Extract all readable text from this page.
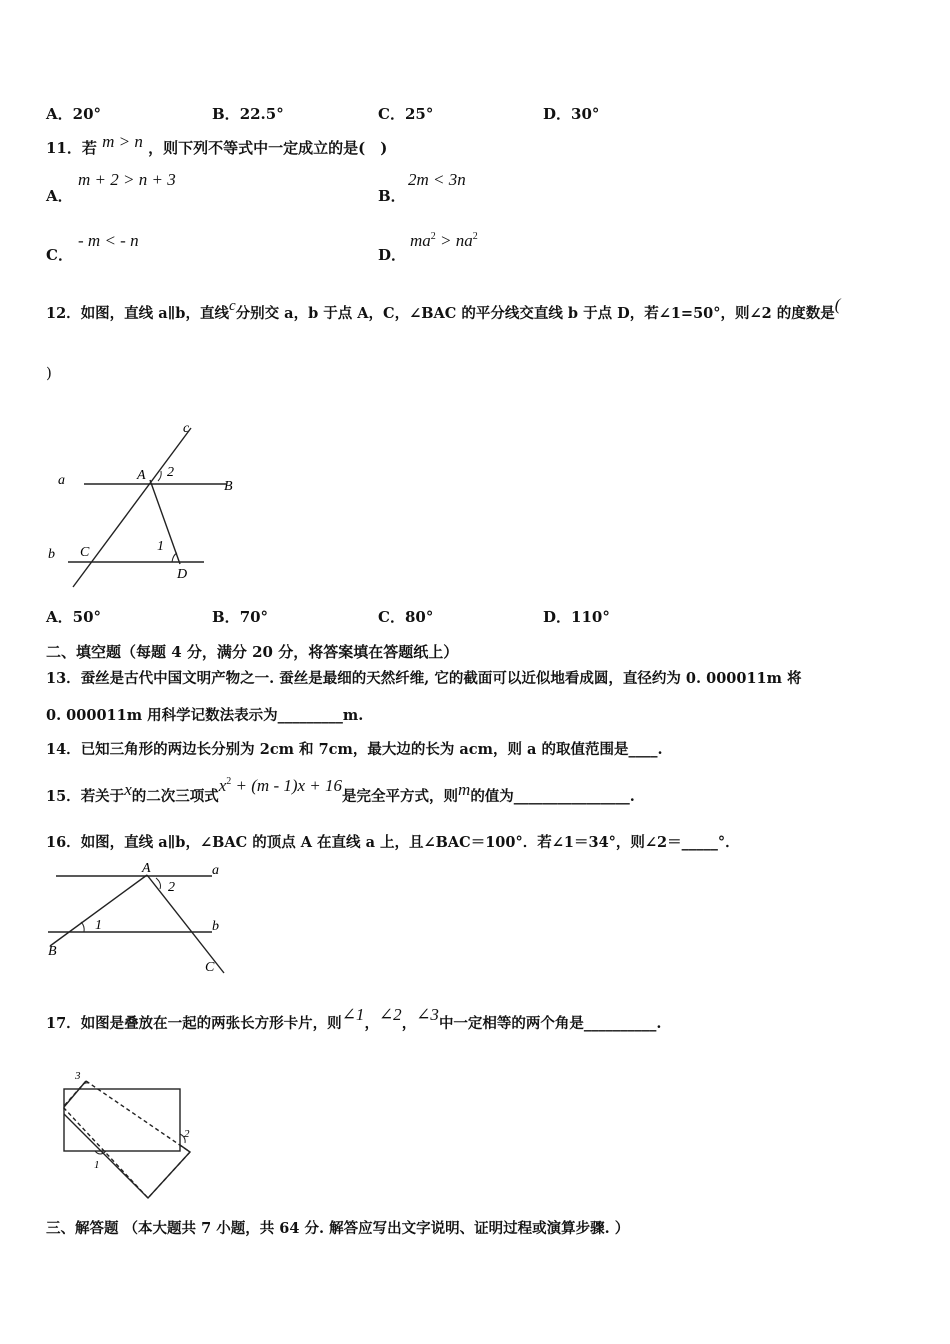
A．20°	B．22.5°	C．25°	D．30°
11．若 m > n ，则下列不等式中一定成立的是(　)
A．
m + 2 > n + 3
B．
2m < 3n
C．
- m < - n
D．
$ma^2 > na^2$
12．如图，直线 a∥b，直线c分别交 a，b 于点 A，C，∠BAC 的平分线交直线 b 于点 D，若∠1=50°，则∠2 的度数是(
)
c
a	A 2
B
b C	1
D
A．50°	B．70°	C．80°	D．110°
二、填空题（每题 4 分，满分 20 分，将答案填在答题纸上）
13．蚕丝是古代中国文明产物之一. 蚕丝是最细的天然纤维, 它的截面可以近似地看成圆，直径约为 0. 000011m 将
0. 000011m 用科学记数法表示为_________m.
14．已知三角形的两边长分别为 2cm 和 7cm，最大边的长为 acm，则 a 的取值范围是____.
15．若关于x的二次三项式$x^2 + (m - 1)x + 16$是完全平方式，则m的值为________________.
16．如图，直线 a∥b，∠BAC 的顶点 A 在直线 a 上，且∠BAC＝100°．若∠1＝34°，则∠2＝_____°．
A	a
2
1	b
B
C
17．如图是叠放在一起的两张长方形卡片，则∠1，∠2，∠3中一定相等的两个角是__________.
3
2
1
三、解答题 （本大题共 7 小题，共 64 分. 解答应写出文字说明、证明过程或演算步骤. ）
